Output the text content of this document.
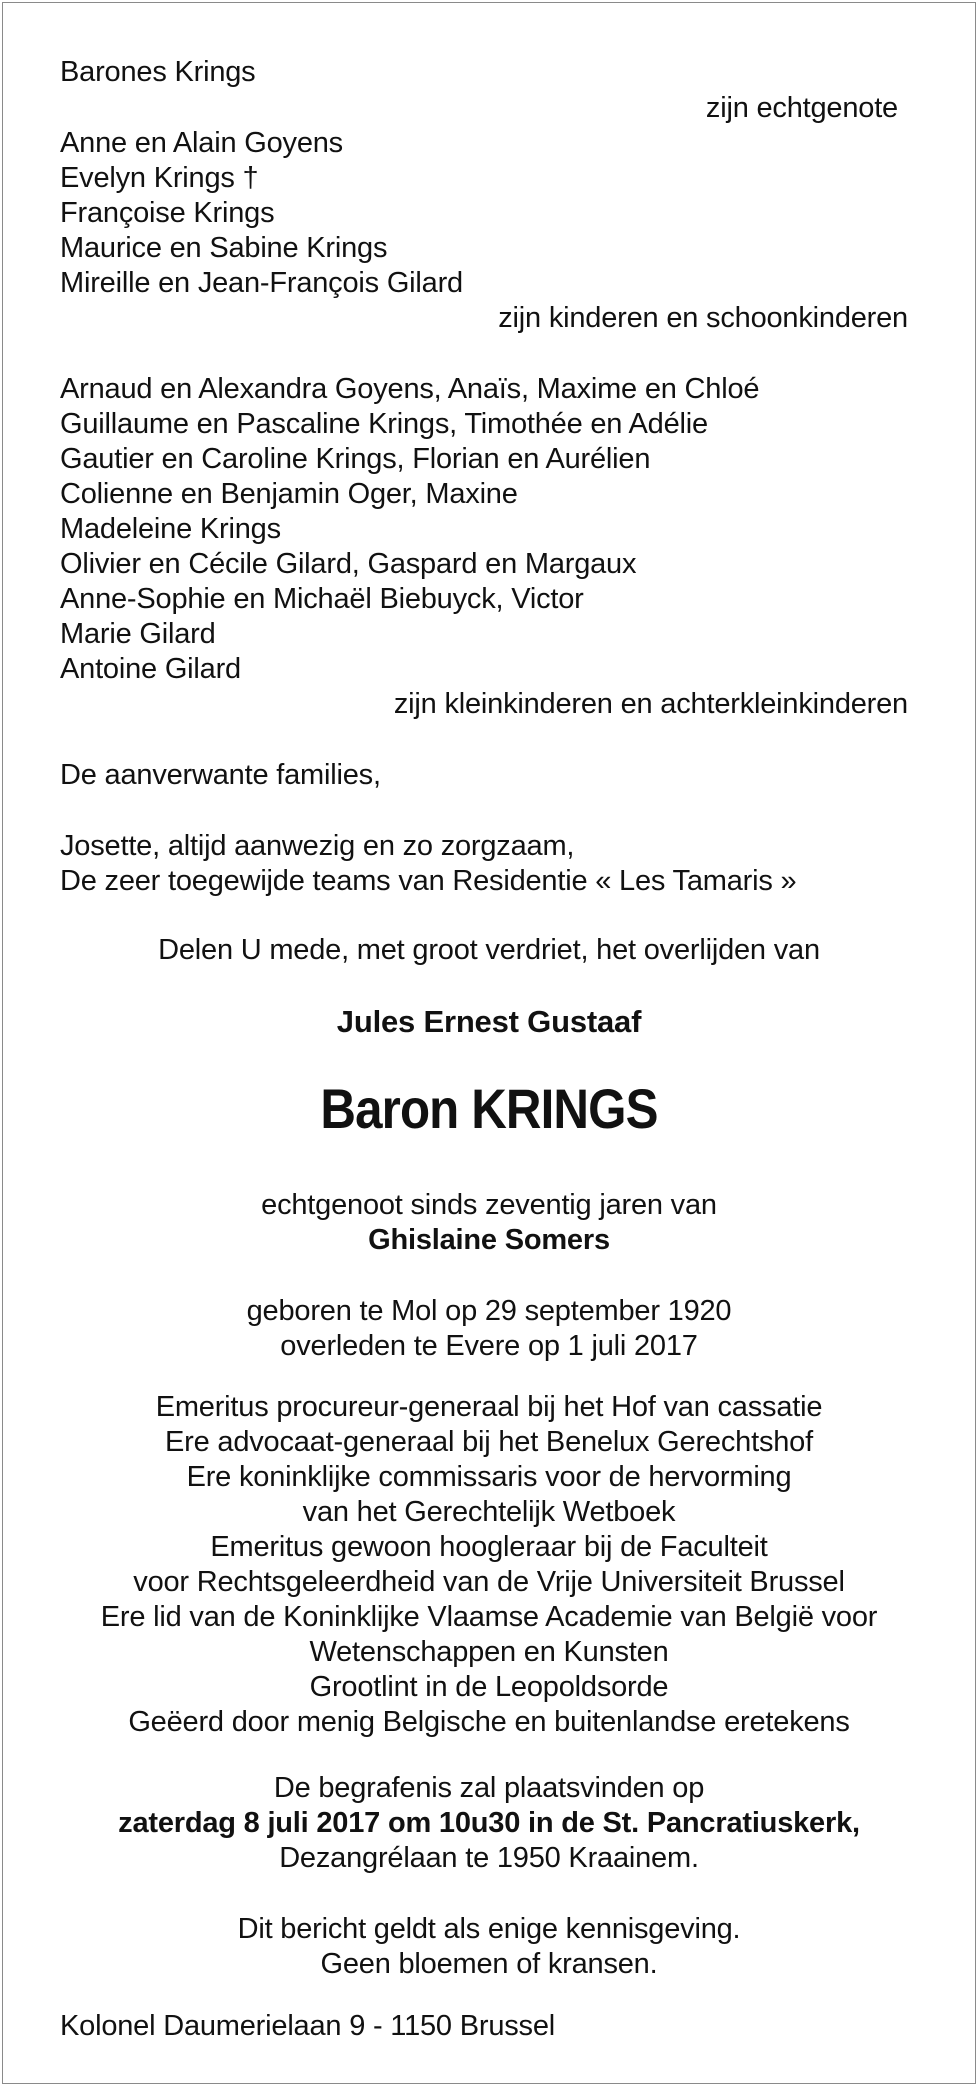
Barones Krings
zijn echtgenote
Anne en Alain Goyens
Evelyn Krings †
Françoise Krings
Maurice en Sabine Krings
Mireille en Jean-François Gilard
zijn kinderen en schoonkinderen
Arnaud en Alexandra Goyens, Anaïs, Maxime en Chloé
Guillaume en Pascaline Krings, Timothée en Adélie
Gautier en Caroline Krings, Florian en Aurélien
Colienne en Benjamin Oger, Maxine
Madeleine Krings
Olivier en Cécile Gilard, Gaspard en Margaux
Anne-Sophie en Michaël Biebuyck, Victor
Marie Gilard
Antoine Gilard
zijn kleinkinderen en achterkleinkinderen
De aanverwante families,
Josette, altijd aanwezig en zo zorgzaam,
De zeer toegewijde teams van Residentie « Les Tamaris »
Delen U mede, met groot verdriet, het overlijden van
Jules Ernest Gustaaf
Baron KRINGS
echtgenoot sinds zeventig jaren van
Ghislaine Somers
geboren te Mol op 29 september 1920
overleden te Evere op 1 juli 2017
Emeritus procureur-generaal bij het Hof van cassatie
Ere advocaat-generaal bij het Benelux Gerechtshof
Ere koninklijke commissaris voor de hervorming
van het Gerechtelijk Wetboek
Emeritus gewoon hoogleraar bij de Faculteit
voor Rechtsgeleerdheid van de Vrije Universiteit Brussel
Ere lid van de Koninklijke Vlaamse Academie van België voor
Wetenschappen en Kunsten
Grootlint in de Leopoldsorde
Geëerd door menig Belgische en buitenlandse eretekens
De begrafenis zal plaatsvinden op
zaterdag 8 juli 2017 om 10u30 in de St. Pancratiuskerk,
Dezangrélaan te 1950 Kraainem.
Dit bericht geldt als enige kennisgeving.
Geen bloemen of kransen.
Kolonel Daumerielaan 9 - 1150 Brussel
